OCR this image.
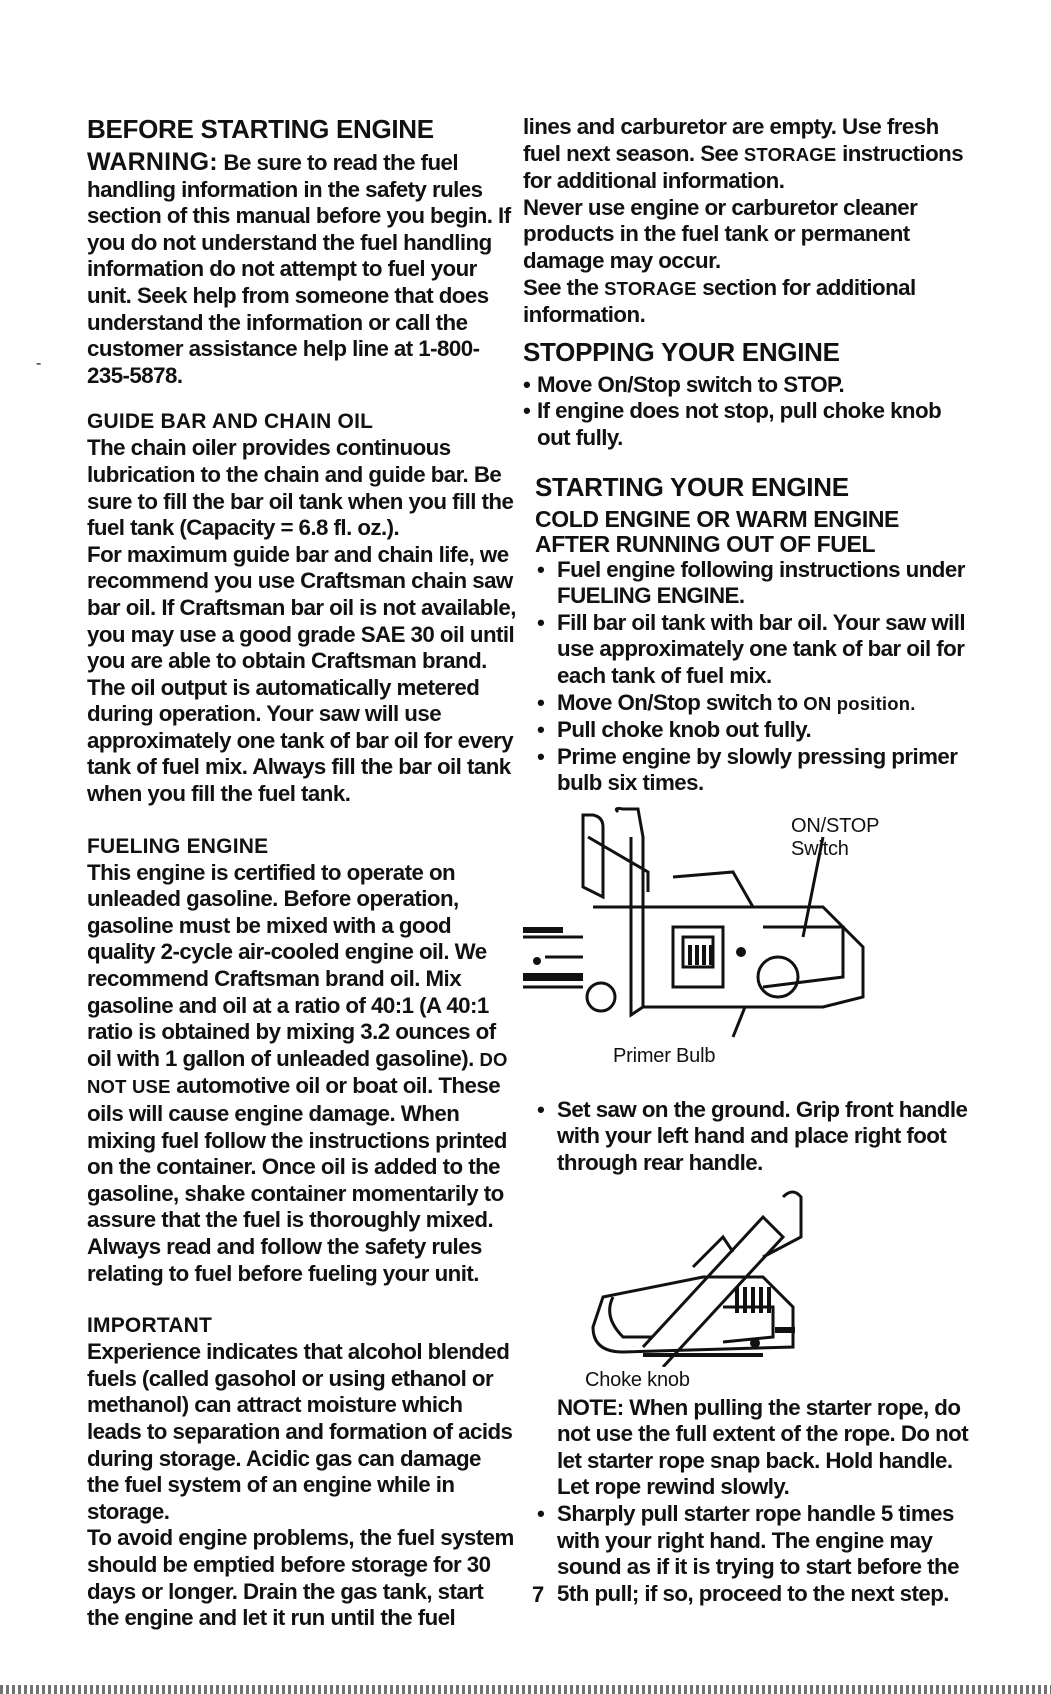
BEFORE STARTING ENGINE

WARNING: Be sure to read the fuel handling information in the safety rules section of this manual before you begin. If you do not understand the fuel handling information do not attempt to fuel your unit. Seek help from someone that does understand the information or call the customer assistance help line at 1-800-235-5878.

GUIDE BAR AND CHAIN OIL

The chain oiler provides continuous lubrication to the chain and guide bar. Be sure to fill the bar oil tank when you fill the fuel tank (Capacity = 6.8 fl. oz.).

For maximum guide bar and chain life, we recommend you use Craftsman chain saw bar oil. If Craftsman bar oil is not available, you may use a good grade SAE 30 oil until you are able to obtain Craftsman brand. The oil output is automatically metered during operation. Your saw will use approximately one tank of bar oil for every tank of fuel mix. Always fill the bar oil tank when you fill the fuel tank.

FUELING ENGINE

This engine is certified to operate on unleaded gasoline. Before operation, gasoline must be mixed with a good quality 2-cycle air-cooled engine oil. We recommend Craftsman brand oil. Mix gasoline and oil at a ratio of 40:1 (A 40:1 ratio is obtained by mixing 3.2 ounces of oil with 1 gallon of unleaded gasoline). DO NOT USE automotive oil or boat oil. These oils will cause engine damage. When mixing fuel follow the instructions printed on the container. Once oil is added to the gasoline, shake container momentarily to assure that the fuel is thoroughly mixed. Always read and follow the safety rules relating to fuel before fueling your unit.

IMPORTANT

Experience indicates that alcohol blended fuels (called gasohol or using ethanol or methanol) can attract moisture which leads to separation and formation of acids during storage. Acidic gas can damage the fuel system of an engine while in storage.

To avoid engine problems, the fuel system should be emptied before storage for 30 days or longer. Drain the gas tank, start the engine and let it run until the fuel

lines and carburetor are empty. Use fresh fuel next season. See STORAGE instructions for additional information.

Never use engine or carburetor cleaner products in the fuel tank or permanent damage may occur.

See the STORAGE section for additional information.

STOPPING YOUR ENGINE
• Move On/Stop switch to STOP.
• If engine does not stop, pull choke knob out fully.
STARTING YOUR ENGINE
COLD ENGINE OR WARM ENGINE
AFTER RUNNING OUT OF FUEL
• Fuel engine following instructions under FUELING ENGINE.
• Fill bar oil tank with bar oil. Your saw will use approximately one tank of bar oil for each tank of fuel mix.
• Move On/Stop switch to ON position.
• Pull choke knob out fully.
• Prime engine by slowly pressing primer bulb six times.
ON/STOP
Switch
Primer Bulb
• Set saw on the ground. Grip front handle with your left hand and place right foot through rear handle.
Choke knob

NOTE: When pulling the starter rope, do not use the full extent of the rope. Do not let starter rope snap back. Hold handle. Let rope rewind slowly.

• Sharply pull starter rope handle 5 times with your right hand. The engine may sound as if it is trying to start before the 5th pull; if so, proceed to the next step.
-
7
